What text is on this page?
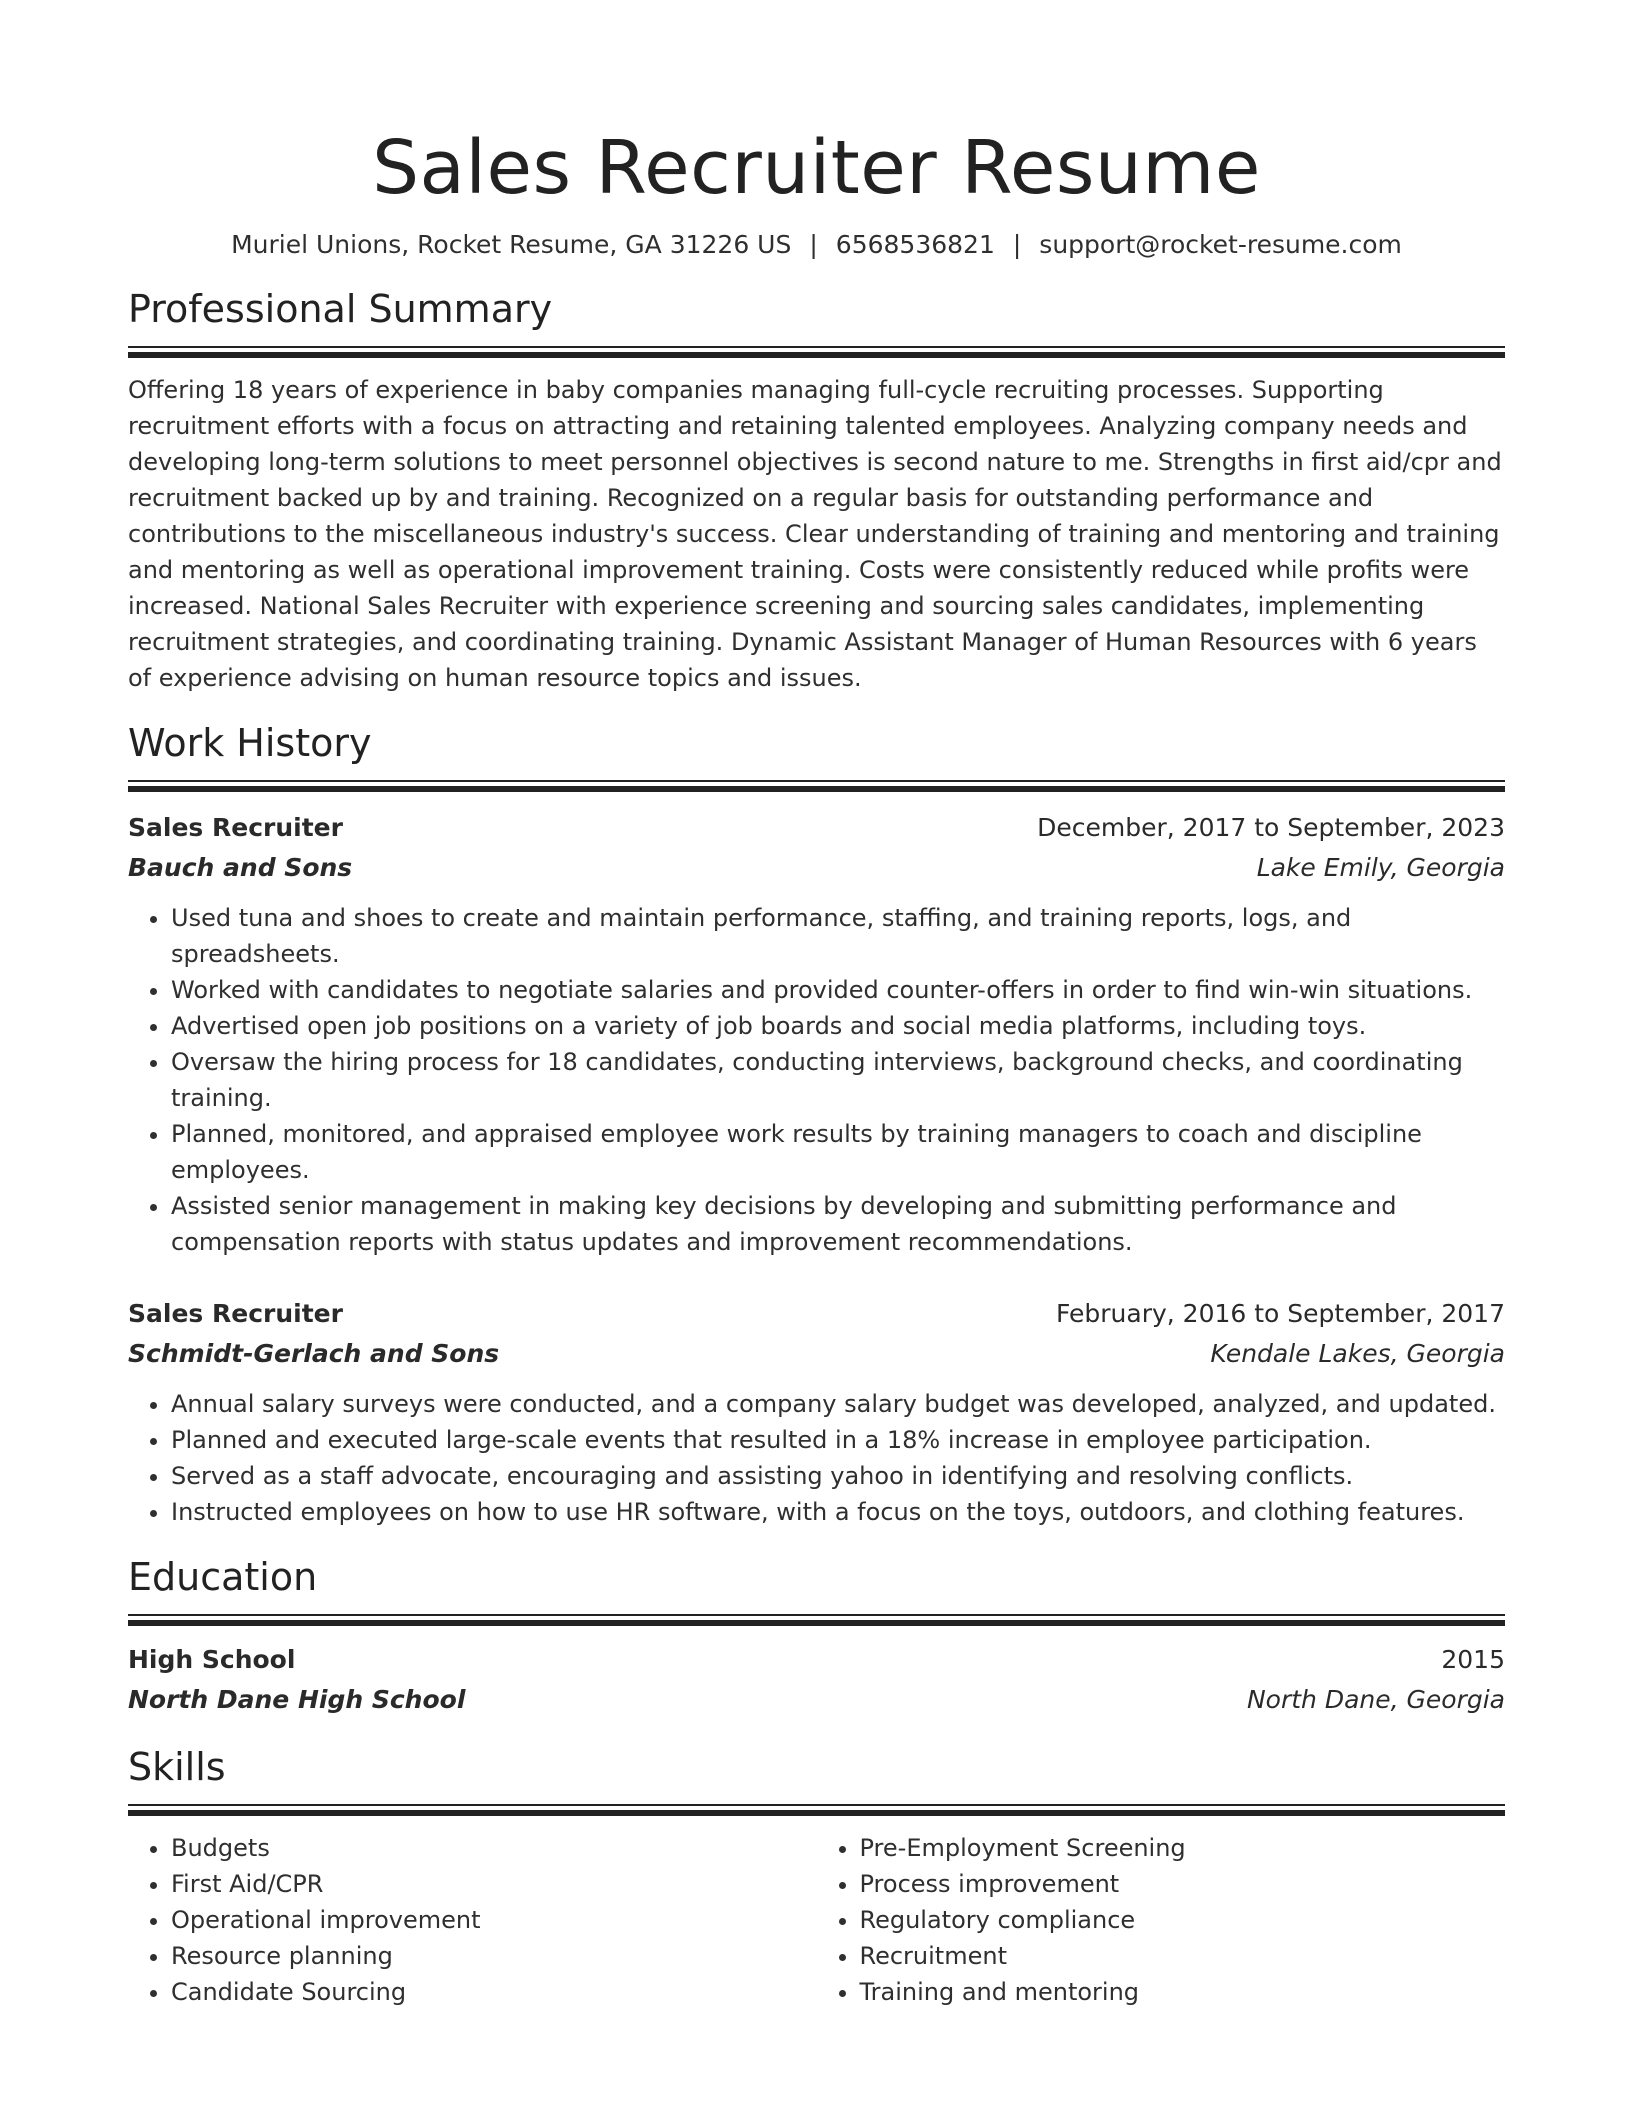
Sales Recruiter Resume
Muriel Unions, Rocket Resume, GA 31226 US | 6568536821 | support@rocket-resume.com
Professional Summary

Offering 18 years of experience in baby companies managing full-cycle recruiting processes. Supporting recruitment efforts with a focus on attracting and retaining talented employees. Analyzing company needs and developing long-term solutions to meet personnel objectives is second nature to me. Strengths in first aid/cpr and recruitment backed up by and training. Recognized on a regular basis for outstanding performance and contributions to the miscellaneous industry's success. Clear understanding of training and mentoring and training and mentoring as well as operational improvement training. Costs were consistently reduced while profits were increased. National Sales Recruiter with experience screening and sourcing sales candidates, implementing recruitment strategies, and coordinating training. Dynamic Assistant Manager of Human Resources with 6 years of experience advising on human resource topics and issues.

Work History
Sales Recruiter	December, 2017 to September, 2023
Bauch and Sons	Lake Emily, Georgia
• Used tuna and shoes to create and maintain performance, staffing, and training reports, logs, and spreadsheets.
• Worked with candidates to negotiate salaries and provided counter-offers in order to find win-win situations.
• Advertised open job positions on a variety of job boards and social media platforms, including toys.
• Oversaw the hiring process for 18 candidates, conducting interviews, background checks, and coordinating training.
• Planned, monitored, and appraised employee work results by training managers to coach and discipline employees.
• Assisted senior management in making key decisions by developing and submitting performance and compensation reports with status updates and improvement recommendations.
Sales Recruiter	February, 2016 to September, 2017
Schmidt-Gerlach and Sons	Kendale Lakes, Georgia
• Annual salary surveys were conducted, and a company salary budget was developed, analyzed, and updated.
• Planned and executed large-scale events that resulted in a 18% increase in employee participation.
• Served as a staff advocate, encouraging and assisting yahoo in identifying and resolving conflicts.
• Instructed employees on how to use HR software, with a focus on the toys, outdoors, and clothing features.
Education
High School	2015
North Dane High School	North Dane, Georgia
Skills
• Budgets
• First Aid/CPR
• Operational improvement
• Resource planning
• Candidate Sourcing
• Pre-Employment Screening
• Process improvement
• Regulatory compliance
• Recruitment
• Training and mentoring
